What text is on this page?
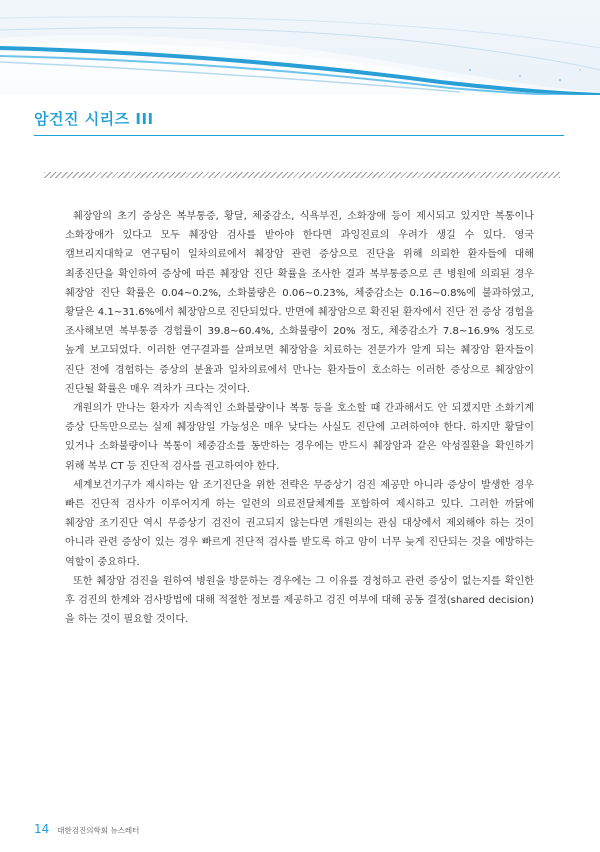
암건진 시리즈 III

췌장암의 초기 증상은 복부통증, 황달, 체중감소, 식욕부진, 소화장애 등이 제시되고 있지만 복통이나 소화장애가 있다고 모두 췌장암 검사를 받아야 한다면 과잉진료의 우려가 생길 수 있다. 영국 캠브리지대학교 연구팀이 일차의료에서 췌장암 관련 증상으로 진단을 위해 의뢰한 환자들에 대해 최종진단을 확인하여 증상에 따른 췌장암 진단 확률을 조사한 결과 복부통증으로 큰 병원에 의뢰된 경우 췌장암 진단 확률은 0.04~0.2%, 소화불량은 0.06~0.23%, 체중감소는 0.16~0.8%에 불과하였고, 황달은 4.1~31.6%에서 췌장암으로 진단되었다. 반면에 췌장암으로 확진된 환자에서 진단 전 증상 경험을 조사해보면 복부통증 경험률이 39.8~60.4%, 소화불량이 20% 정도, 체중감소가 7.8~16.9% 정도로 높게 보고되었다. 이러한 연구결과를 살펴보면 췌장암을 치료하는 전문가가 알게 되는 췌장암 환자들이 진단 전에 경험하는 증상의 분율과 일차의료에서 만나는 환자들이 호소하는 이러한 증상으로 췌장암이 진단될 확률은 매우 격차가 크다는 것이다.

개원의가 만나는 환자가 지속적인 소화불량이나 복통 등을 호소할 때 간과해서도 안 되겠지만 소화기계 증상 단독만으로는 실제 췌장암일 가능성은 매우 낮다는 사실도 진단에 고려하여야 한다. 하지만 황달이 있거나 소화불량이나 복통이 체중감소를 동반하는 경우에는 반드시 췌장암과 같은 악성질환을 확인하기 위해 복부 CT 등 진단적 검사를 권고하여야 한다.

세계보건기구가 제시하는 암 조기진단을 위한 전략은 무증상기 검진 제공만 아니라 증상이 발생한 경우 빠른 진단적 검사가 이루어지게 하는 일련의 의료전달체계를 포함하여 제시하고 있다. 그러한 까닭에 췌장암 조기진단 역시 무증상기 검진이 권고되지 않는다면 개원의는 관심 대상에서 제외해야 하는 것이 아니라 관련 증상이 있는 경우 빠르게 진단적 검사를 받도록 하고 암이 너무 늦게 진단되는 것을 예방하는 역할이 중요하다.

또한 췌장암 검진을 원하여 병원을 방문하는 경우에는 그 이유를 경청하고 관련 증상이 없는지를 확인한 후 검진의 한계와 검사방법에 대해 적절한 정보를 제공하고 검진 여부에 대해 공동 결정(shared decision)을 하는 것이 필요할 것이다.

14 대한검진의학회 뉴스레터
